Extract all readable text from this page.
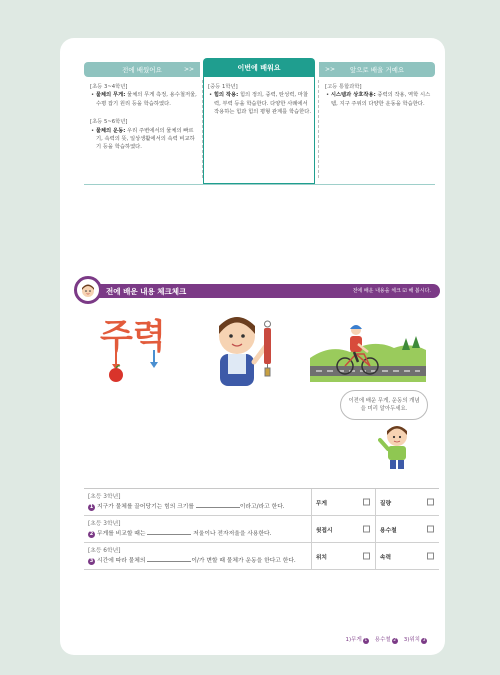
전에 배웠어요	>>	이번에 배워요	>> 앞으로 배울 거예요
[초등 3~4학년]
• 물체의 무게: 물체의 무게 측정, 용수철저울, 수평 잡기 원리 등을 학습하였다.
[초등 5~6학년]
• 물체의 운동: 우리 주변에서의 물체의 빠르기, 속력의 뜻, 일상생활에서의 속력 비교하기 등을 학습하였다.
[중등 1학년]
• 힘의 작용: 힘의 정의, 중력, 탄성력, 마찰력, 부력 등을 학습한다. 다양한 사례에서 작용하는 힘과 힘의 평형 관계를 학습한다.
[고등 통합과학]
• 시스템과 상호작용: 중력의 작용, 역학 시스템, 지구 주위의 다양한 운동을 학습한다.
전에 배운 내용 체크체크	전에 배운 내용을 체크 ☑ 해 봅시다.
주력
이전에 배운 무게, 운동의 개념을 미리 알아두세요.
[초등 3학년]
1 지구가 물체를 끌어당기는 힘의 크기를 이라고/라고 한다.	무게	질량

[초등 3학년]
2 무게를 비교할 때는 저울이나 전자저울을 사용한다.	윗접시	용수철

[초등 6학년]
3 시간에 따라 물체의 이/가 변할 때 물체가 운동을 한다고 한다.	위치	속력
1)무게 1 용수철 2 3)위치 3
